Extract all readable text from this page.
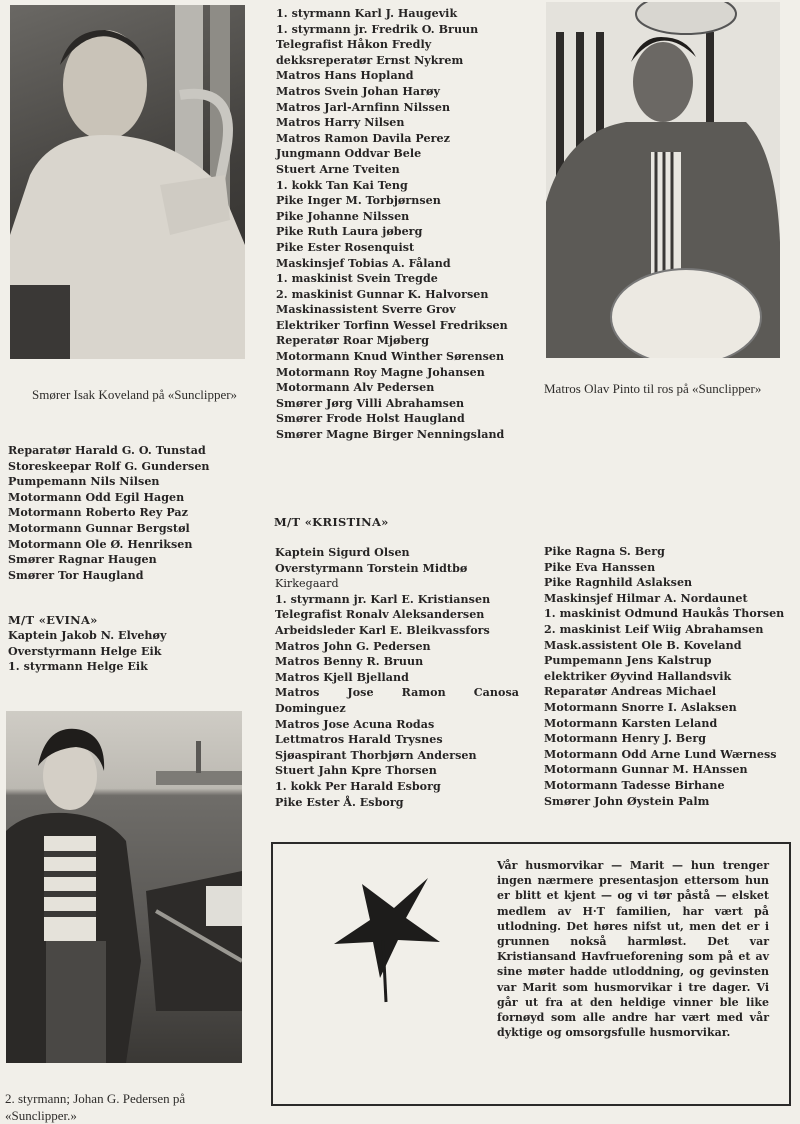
Smører Isak Koveland på «Sunclipper»	Matros Olav Pinto til ros på «Sunclipper»
1. styrmann Karl J. Haugevik
1. styrmann jr. Fredrik O. Bruun
Telegrafist Håkon Fredly
dekksreperatør Ernst Nykrem
Matros Hans Hopland
Matros Svein Johan Harøy
Matros Jarl-Arnfinn Nilssen
Matros Harry Nilsen
Matros Ramon Davila Perez
Jungmann Oddvar Bele
Stuert Arne Tveiten
1. kokk Tan Kai Teng
Pike Inger M. Torbjørnsen
Pike Johanne Nilssen
Pike Ruth Laura jøberg
Pike Ester Rosenquist
Maskinsjef Tobias A. Fåland
1. maskinist Svein Tregde
2. maskinist Gunnar K. Halvorsen
Maskinassistent Sverre Grov
Elektriker Torfinn Wessel Fredriksen
Reperatør Roar Mjøberg
Motormann Knud Winther Sørensen
Motormann Roy Magne Johansen
Motormann Alv Pedersen
Smører Jørg Villi Abrahamsen
Smører Frode Holst Haugland
Smører Magne Birger Nenningsland
Reparatør Harald G. O. Tunstad
Storeskeepar Rolf G. Gundersen
Pumpemann Nils Nilsen
Motormann Odd Egil Hagen
Motormann Roberto Rey Paz
Motormann Gunnar Bergstøl
Motormann Ole Ø. Henriksen
Smører Ragnar Haugen
Smører Tor Haugland
M/T «EVINA»
Kaptein Jakob N. Elvehøy
Overstyrmann Helge Eik
1. styrmann Helge Eik
2. styrmann; Johan G. Pedersen på «Sunclipper.»
M/T «KRISTINA»
Kaptein Sigurd Olsen
Overstyrmann Torstein Midtbø
Kirkegaard
1. styrmann jr. Karl E. Kristiansen
Telegrafist Ronalv Aleksandersen
Arbeidsleder Karl E. Bleikvassfors
Matros John G. Pedersen
Matros Benny R. Bruun
Matros Kjell Bjelland
Matros	Jose	Ramon	Canosa
Dominguez
Matros Jose Acuna Rodas
Lettmatros Harald Trysnes
Sjøaspirant Thorbjørn Andersen
Stuert Jahn Kpre Thorsen
1. kokk Per Harald Esborg
Pike Ester Å. Esborg
Pike Ragna S. Berg
Pike Eva Hanssen
Pike Ragnhild Aslaksen
Maskinsjef Hilmar A. Nordaunet
1. maskinist Odmund Haukås Thorsen
2. maskinist Leif Wiig Abrahamsen
Mask.assistent Ole B. Koveland
Pumpemann Jens Kalstrup
elektriker Øyvind Hallandsvik
Reparatør Andreas Michael
Motormann Snorre I. Aslaksen
Motormann Karsten Leland
Motormann Henry J. Berg
Motormann Odd Arne Lund Wærness
Motormann Gunnar M. HAnssen
Motormann Tadesse Birhane
Smører John Øystein Palm
Vår husmorvikar — Marit — hun trenger ingen nærmere presentasjon ettersom hun er blitt et kjent — og vi tør påstå — elsket medlem av H·T familien, har vært på utlodning. Det høres nifst ut, men det er i grunnen nokså harmløst. Det var Kristiansand Havfrueforening som på et av sine møter hadde utloddning, og gevinsten var Marit som husmorvikar i tre dager. Vi går ut fra at den heldige vinner ble like fornøyd som alle andre har vært med vår dyktige og omsorgsfulle husmorvikar.
